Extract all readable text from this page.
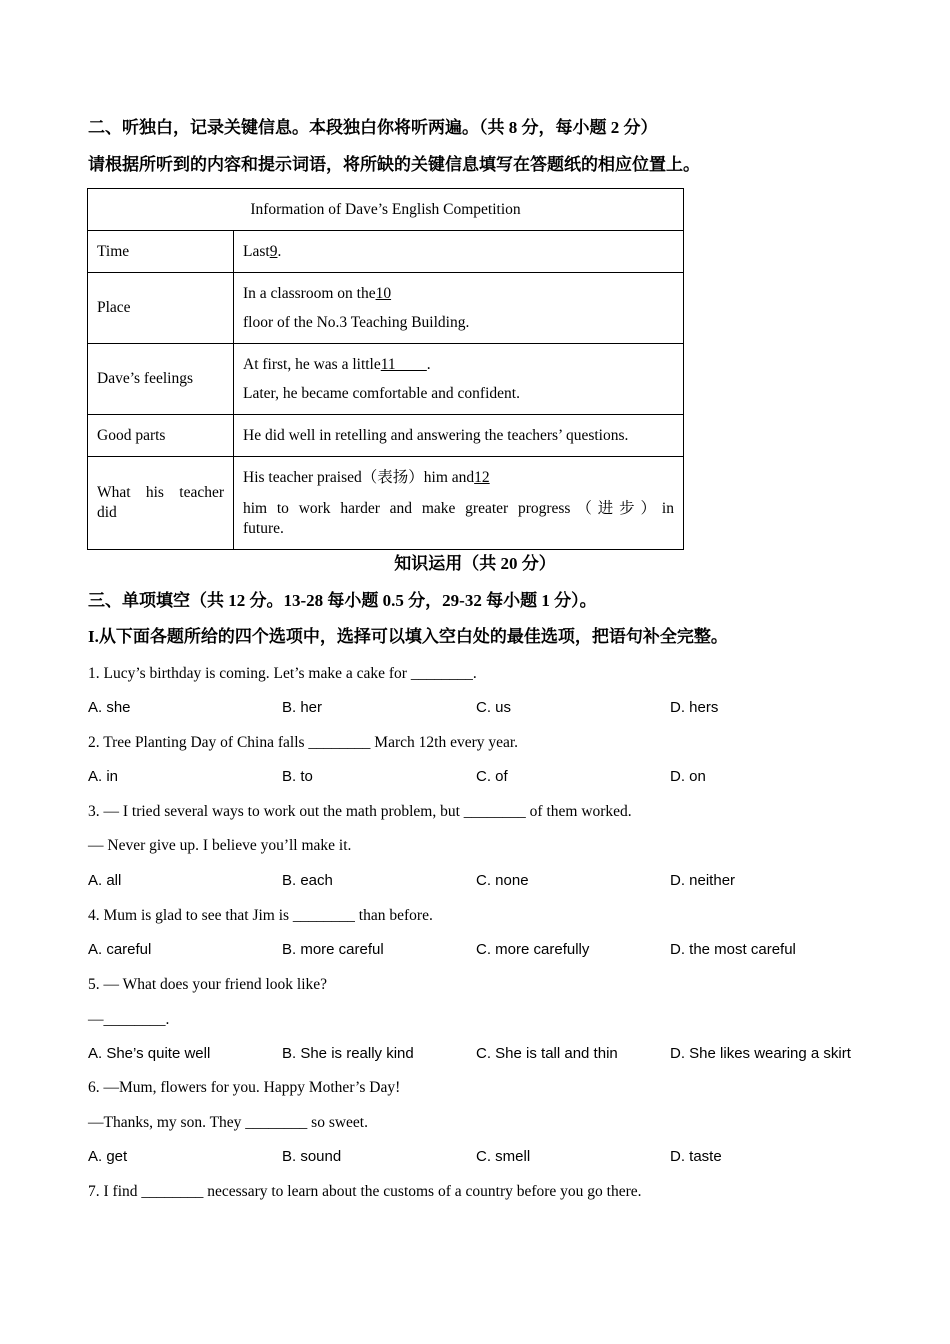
二、听独白，记录关键信息。本段独白你将听两遍。（共 8 分，每小题 2 分）
请根据所听到的内容和提示词语，将所缺的关键信息填写在答题纸的相应位置上。
Information of Dave’s English Competition	
Time	Last9.
Place	In a classroom on the10
floor of the No.3 Teaching Building.

Dave’s feelings	At first, he was a little11____.
Later, he became comfortable and confident.

Good parts	He did well in retelling and answering the teachers’ questions.

What his teacher did	His teacher praised（表扬）him and12
him to work harder and make greater progress（进步）in
future.
知识运用（共 20 分）
三、单项填空（共 12 分。13-28 每小题 0.5 分，29-32 每小题 1 分）。
I.从下面各题所给的四个选项中，选择可以填入空白处的最佳选项，把语句补全完整。
1. Lucy’s birthday is coming. Let’s make a cake for ________.
A. she	B. her	C. us	D. hers
2. Tree Planting Day of China falls ________ March 12th every year.
A. in	B. to	C. of	D. on
3. — I tried several ways to work out the math problem, but ________ of them worked.
— Never give up. I believe you’ll make it.
A. all	B. each	C. none	D. neither
4. Mum is glad to see that Jim is ________ than before.
A. careful	B. more careful	C. more carefully	D. the most careful
5. — What does your friend look like?
—________.
A. She’s quite well	B. She is really kind	C. She is tall and thin	D. She likes wearing a skirt
6. —Mum, flowers for you. Happy Mother’s Day!
—Thanks, my son. They ________ so sweet.
A. get	B. sound	C. smell	D. taste
7. I find ________ necessary to learn about the customs of a country before you go there.
